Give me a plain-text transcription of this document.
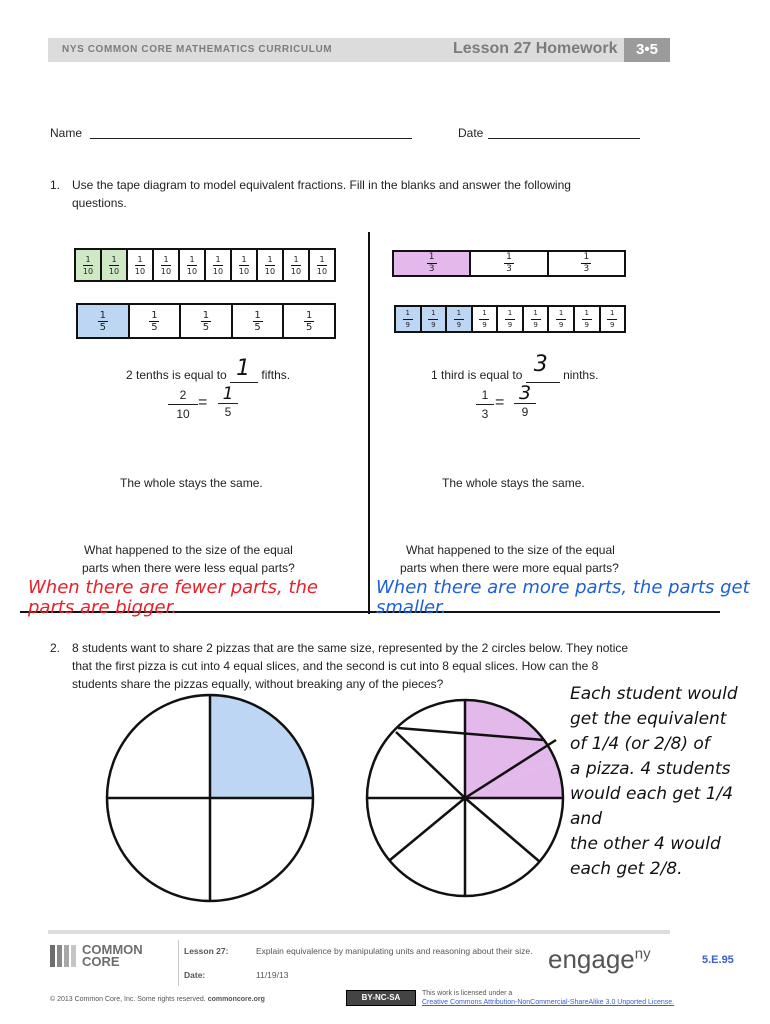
NYS COMMON CORE MATHEMATICS CURRICULUM	Lesson 27 Homework	3•5
Name	Date
1. Use the tape diagram to model equivalent fractions. Fill in the blanks and answer the following
questions.
$\frac{1}{10} \frac{1}{10} \frac{1}{10} \frac{1}{10} \frac{1}{10} \frac{1}{10} \frac{1}{10} \frac{1}{10} \frac{1}{10} \frac{1}{10}$
$\frac{1}{5}$	$\frac{1}{5}$	$\frac{1}{5}$	$\frac{1}{5}$	$\frac{1}{5}$
$\frac{1}{3}$	$\frac{1}{3}$	$\frac{1}{3}$
$\frac{1}{9} \frac{1}{9} \frac{1}{9} \frac{1}{9} \frac{1}{9} \frac{1}{9} \frac{1}{9} \frac{1}{9} \frac{1}{9}$
2 tenths is equal to 1 fifths.
2
10
= 1
5
1 third is equal to 3 ninths.
1
3
= 3
9
The whole stays the same.	The whole stays the same.
What happened to the size of the equal
parts when there were less equal parts?
What happened to the size of the equal
parts when there were more equal parts?
When there are fewer parts, the parts are bigger.
When there are more parts, the parts get smaller.
2. 8 students want to share 2 pizzas that are the same size, represented by the 2 circles below. They notice
that the first pizza is cut into 4 equal slices, and the second is cut into 8 equal slices. How can the 8
students share the pizzas equally, without breaking any of the pieces?	Each student would
get the equivalent
of 1/4 (or 2/8) of
a pizza. 4 students
would each get 1/4 and
the other 4 would
each get 2/8.
COMMON
CORE
Lesson 27:	Explain equivalence by manipulating units and reasoning about their size.
Date:	11/19/13
engage$^{ny}$	5.E.95
© 2013 Common Core, Inc. Some rights reserved. commoncore.org	BY-NC-SA	This work is licensed under a
Creative Commons Attribution-NonCommercial-ShareAlike 3.0 Unported License.
